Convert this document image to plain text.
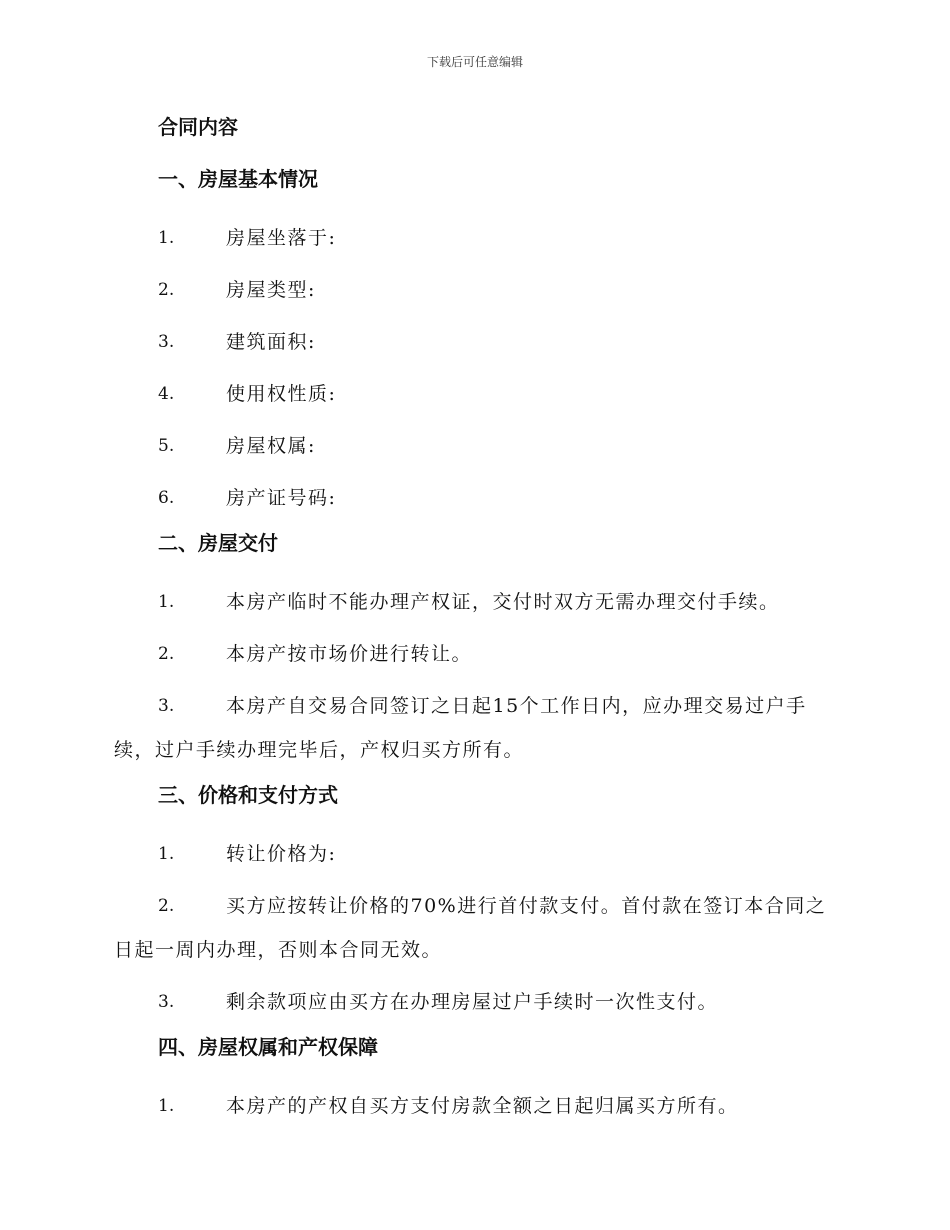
下载后可任意编辑
合同内容
一、房屋基本情况
1.	房屋坐落于:
2.	房屋类型:
3.	建筑面积:
4.	使用权性质:
5.	房屋权属:
6.	房产证号码:
二、房屋交付
1.	本房产临时不能办理产权证，交付时双方无需办理交付手续。
2.	本房产按市场价进行转让。
3.	本房产自交易合同签订之日起15个工作日内，应办理交易过户手续，过户手续办理完毕后，产权归买方所有。
三、价格和支付方式
1.	转让价格为:
2.	买方应按转让价格的70%进行首付款支付。首付款在签订本合同之日起一周内办理，否则本合同无效。
3.	剩余款项应由买方在办理房屋过户手续时一次性支付。
四、房屋权属和产权保障
1.	本房产的产权自买方支付房款全额之日起归属买方所有。
